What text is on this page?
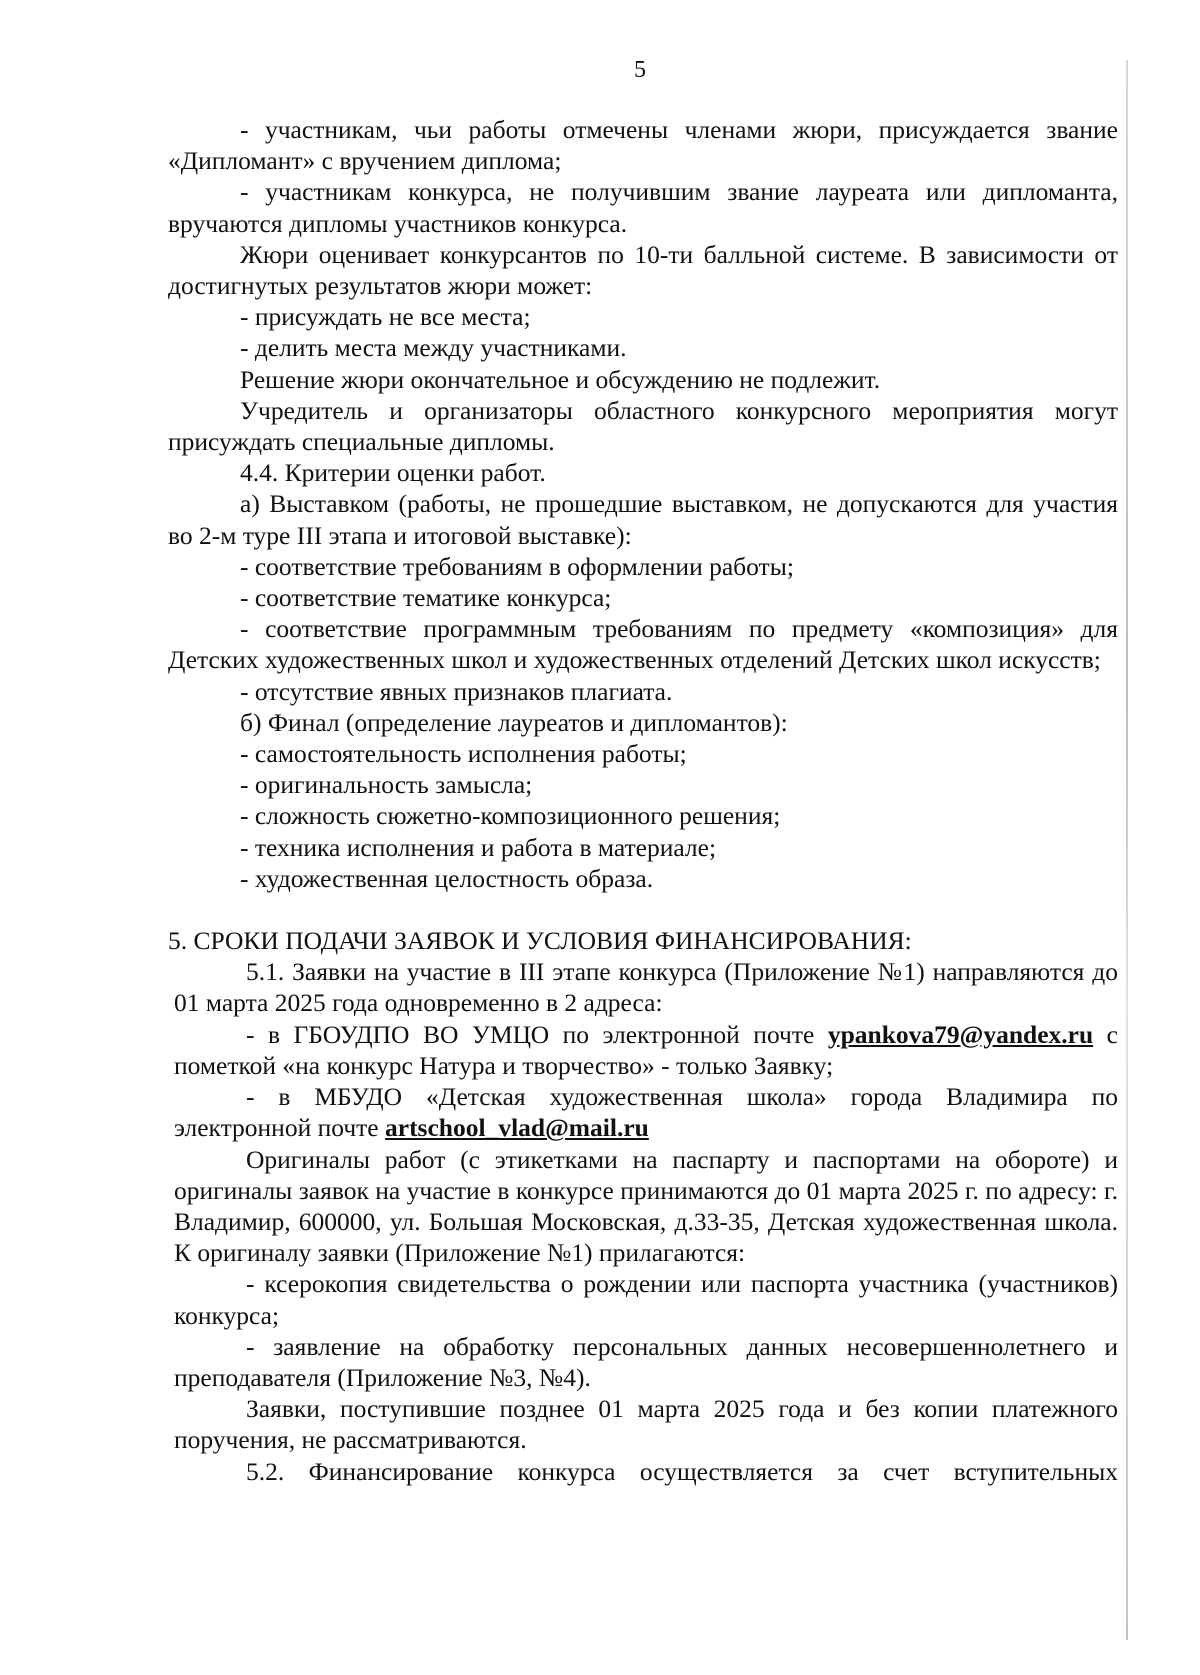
5

- участникам, чьи работы отмечены членами жюри, присуждается звание «Дипломант» с вручением диплома;

- участникам конкурса, не получившим звание лауреата или дипломанта, вручаются дипломы участников конкурса.

Жюри оценивает конкурсантов по 10-ти балльной системе. В зависимости от достигнутых результатов жюри может:

- присуждать не все места;

- делить места между участниками.

Решение жюри окончательное и обсуждению не подлежит.

Учредитель и организаторы областного конкурсного мероприятия могут присуждать специальные дипломы.

4.4. Критерии оценки работ.

а) Выставком (работы, не прошедшие выставком, не допускаются для участия во 2-м туре III этапа и итоговой выставке):

- соответствие требованиям в оформлении работы;

- соответствие тематике конкурса;

- соответствие программным требованиям по предмету «композиция» для Детских художественных школ и художественных отделений Детских школ искусств;

- отсутствие явных признаков плагиата.

б) Финал (определение лауреатов и дипломантов):

- самостоятельность исполнения работы;

- оригинальность замысла;

- сложность сюжетно-композиционного решения;

- техника исполнения и работа в материале;

- художественная целостность образа.

5. СРОКИ ПОДАЧИ ЗАЯВОК И УСЛОВИЯ ФИНАНСИРОВАНИЯ:

5.1. Заявки на участие в III этапе конкурса (Приложение №1) направляются до 01 марта 2025 года одновременно в 2 адреса:

- в ГБОУДПО ВО УМЦО по электронной почте ypankova79@yandex.ru с пометкой «на конкурс Натура и творчество» - только Заявку;

- в МБУДО «Детская художественная школа» города Владимира по электронной почте artschool_vlad@mail.ru

Оригиналы работ (с этикетками на паспарту и паспортами на обороте) и оригиналы заявок на участие в конкурсе принимаются до 01 марта 2025 г. по адресу: г. Владимир, 600000, ул. Большая Московская, д.33-35, Детская художественная школа. К оригиналу заявки (Приложение №1) прилагаются:

- ксерокопия свидетельства о рождении или паспорта участника (участников) конкурса;

- заявление на обработку персональных данных несовершеннолетнего и преподавателя (Приложение №3, №4).

Заявки, поступившие позднее 01 марта 2025 года и без копии платежного поручения, не рассматриваются.

5.2. Финансирование конкурса осуществляется за счет вступительных
